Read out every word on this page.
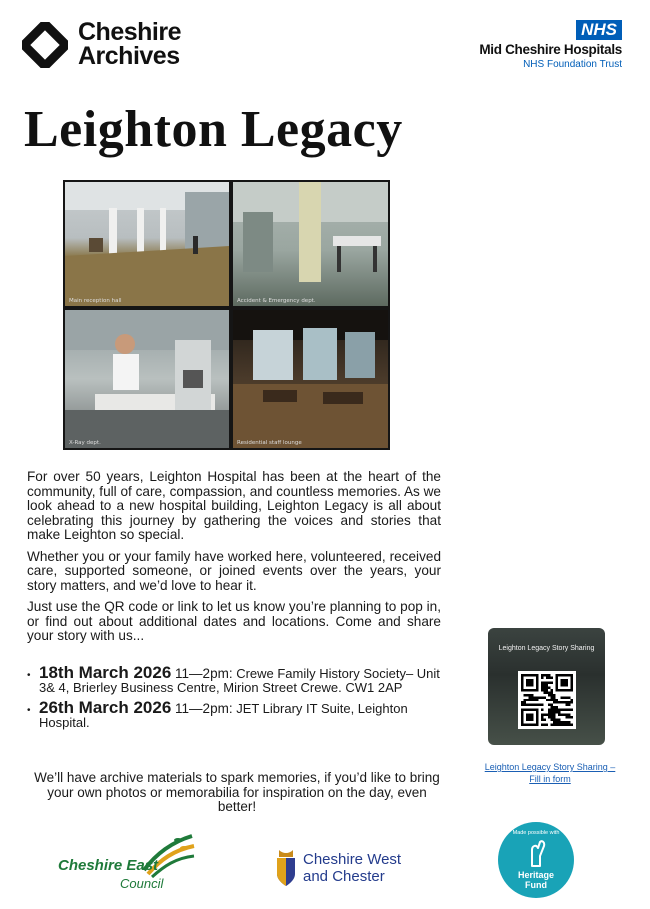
Cheshire
Archives
NHS
Mid Cheshire Hospitals
NHS Foundation Trust
Leighton Legacy
Main reception hall	Accident & Emergency dept.
X-Ray dept.	Residential staff lounge

For over 50 years, Leighton Hospital has been at the heart of the community, full of care, compassion, and countless memories. As we look ahead to a new hospital building, Leighton Legacy is all about celebrating this journey by gathering the voices and stories that make Leighton so special.

Whether you or your family have worked here, volunteered, received care, supported someone, or joined events over the years, your story matters, and we’d love to hear it.

Just use the QR code or link to let us know you’re planning to pop in, or find out about additional dates and locations. Come and share your story with us...

• 18th March 2026 11—2pm: Crewe Family History Society– Unit 3& 4, Brierley Business Centre, Mirion Street Crewe. CW1 2AP
• 26th March 2026 11—2pm: JET Library IT Suite, Leighton Hospital.

We’ll have archive materials to spark memories, if you’d like to bring your own photos or memorabilia for inspiration on the day, even better!

Leighton Legacy Story Sharing
Leighton Legacy Story Sharing – Fill in form
Cheshire East
Council
Cheshire West
and Chester
Made possible with
Heritage
Fund
